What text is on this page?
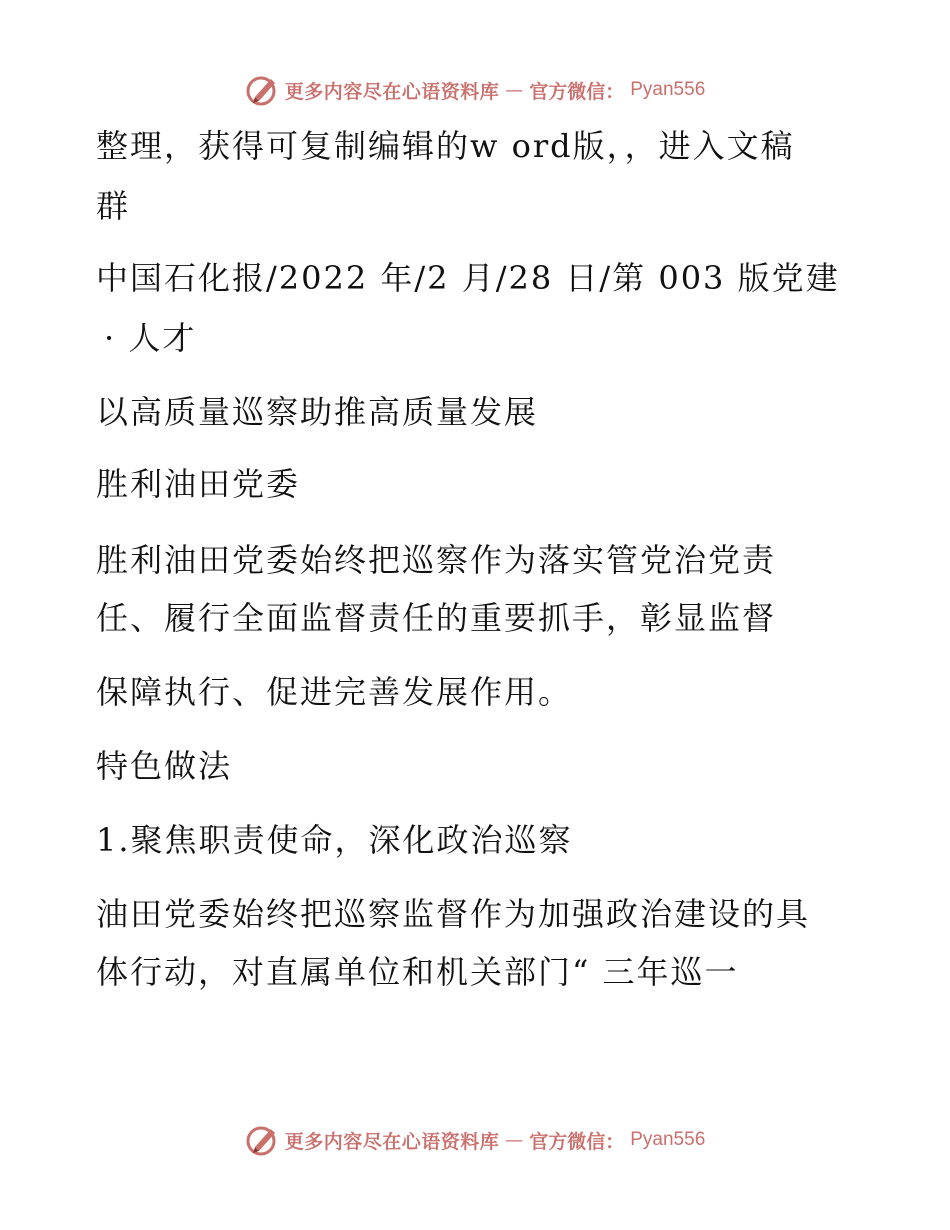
更多内容尽在心语资料库 — 官方微信： Pyan556
整理，获得可复制编辑的w ord版，，进入文稿
群
中国石化报/2022 年/2 月/28 日/第 003 版党建
· 人才
以高质量巡察助推高质量发展
胜利油田党委
胜利油田党委始终把巡察作为落实管党治党责
任、履行全面监督责任的重要抓手，彰显监督
保障执行、促进完善发展作用。
特色做法
1.聚焦职责使命，深化政治巡察
油田党委始终把巡察监督作为加强政治建设的具
体行动，对直属单位和机关部门“ 三年巡一
更多内容尽在心语资料库 — 官方微信： Pyan556
